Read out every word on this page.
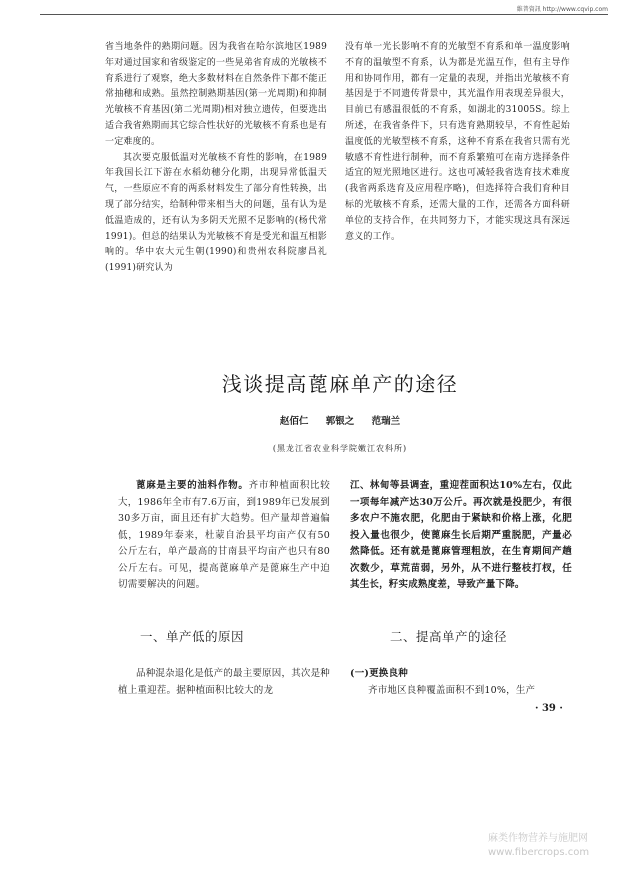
維普資訊 http://www.cqvip.com

省当地条件的熟期问题。因为我省在哈尔滨地区1989年对通过国家和省级鉴定的一些晃弟省育成的光敏核不育系进行了观察，绝大多数材料在自然条件下都不能正常抽穗和成熟。虽然控制熟期基因(第一光周期)和抑制光敏核不育基因(第二光周期)相对独立遗传，但要选出适合我省熟期而其它综合性状好的光敏核不育系也是有一定难度的。

其次要克服低温对光敏核不育性的影响，在1989年我国长江下游在水稻幼穗分化期，出现异常低温天气，一些原应不育的两系材料发生了部分育性转换，出现了部分结实，给制种带来相当大的问题，虽有认为是低温造成的，还有认为多阴天光照不足影响的(杨代常1991)。但总的结果认为光敏核不育是受光和温互相影响的。华中农大元生朝(1990)和贵州农科院廖昌礼(1991)研究认为

没有单一光长影响不育的光敏型不育系和单一温度影响不育的温敏型不育系，认为都是光温互作，但有主导作用和协同作用，都有一定量的表现，并指出光敏核不育基因是于不同遗传背景中，其光温作用表现差异很大，目前已有感温很低的不育系，如湖北的31005S。综上所述，在我省条件下，只有选育熟期较早，不育性起始温度低的光敏型核不育系，这种不育系在我省只需有光敏感不育性进行制种，而不育系繁殖可在南方选择条件适宜的短光照地区进行。这也可减轻我省选育技术难度(我省两系选育及应用程序略)，但选择符合我们育种目标的光敏核不育系，还需大量的工作，还需各方面科研单位的支持合作，在共同努力下，才能实现这具有深远意义的工作。

浅谈提高蓖麻单产的途径
赵佰仁 郭银之 范瑞兰
(黑龙江省农业科学院嫩江农科所)

蓖麻是主要的油料作物。齐市种植面积比较大，1986年全市有7.6万亩，到1989年已发展到30多万亩，面且还有扩大趋势。但产量却普遍偏低，1989年泰来，杜蒙自治县平均亩产仅有50公斤左右，单产最高的甘南县平均亩产也只有80公斤左右。可见，提高蓖麻单产是蓖麻生产中迫切需要解决的问题。

江、林甸等县调查，重迎茬面积达10%左右，仅此一项每年减产达30万公斤。再次就是投肥少，有很多农户不施农肥，化肥由于紧缺和价格上涨，化肥投入量也很少，使蓖麻生长后期严重脱肥，产量必然降低。还有就是蓖麻管理粗放，在生育期间产趟次数少，草荒苗弱，另外，从不进行整枝打杈，任其生长，籽实成熟度差，导致产量下降。

一、单产低的原因	二、提高单产的途径

品种混杂退化是低产的最主要原因，其次是种植上重迎茬。据种植面积比较大的龙

(一)更换良种

齐市地区良种覆盖面积不到10%，生产

· 39 ·
麻类作物营养与施肥网
www.fibercrops.com
